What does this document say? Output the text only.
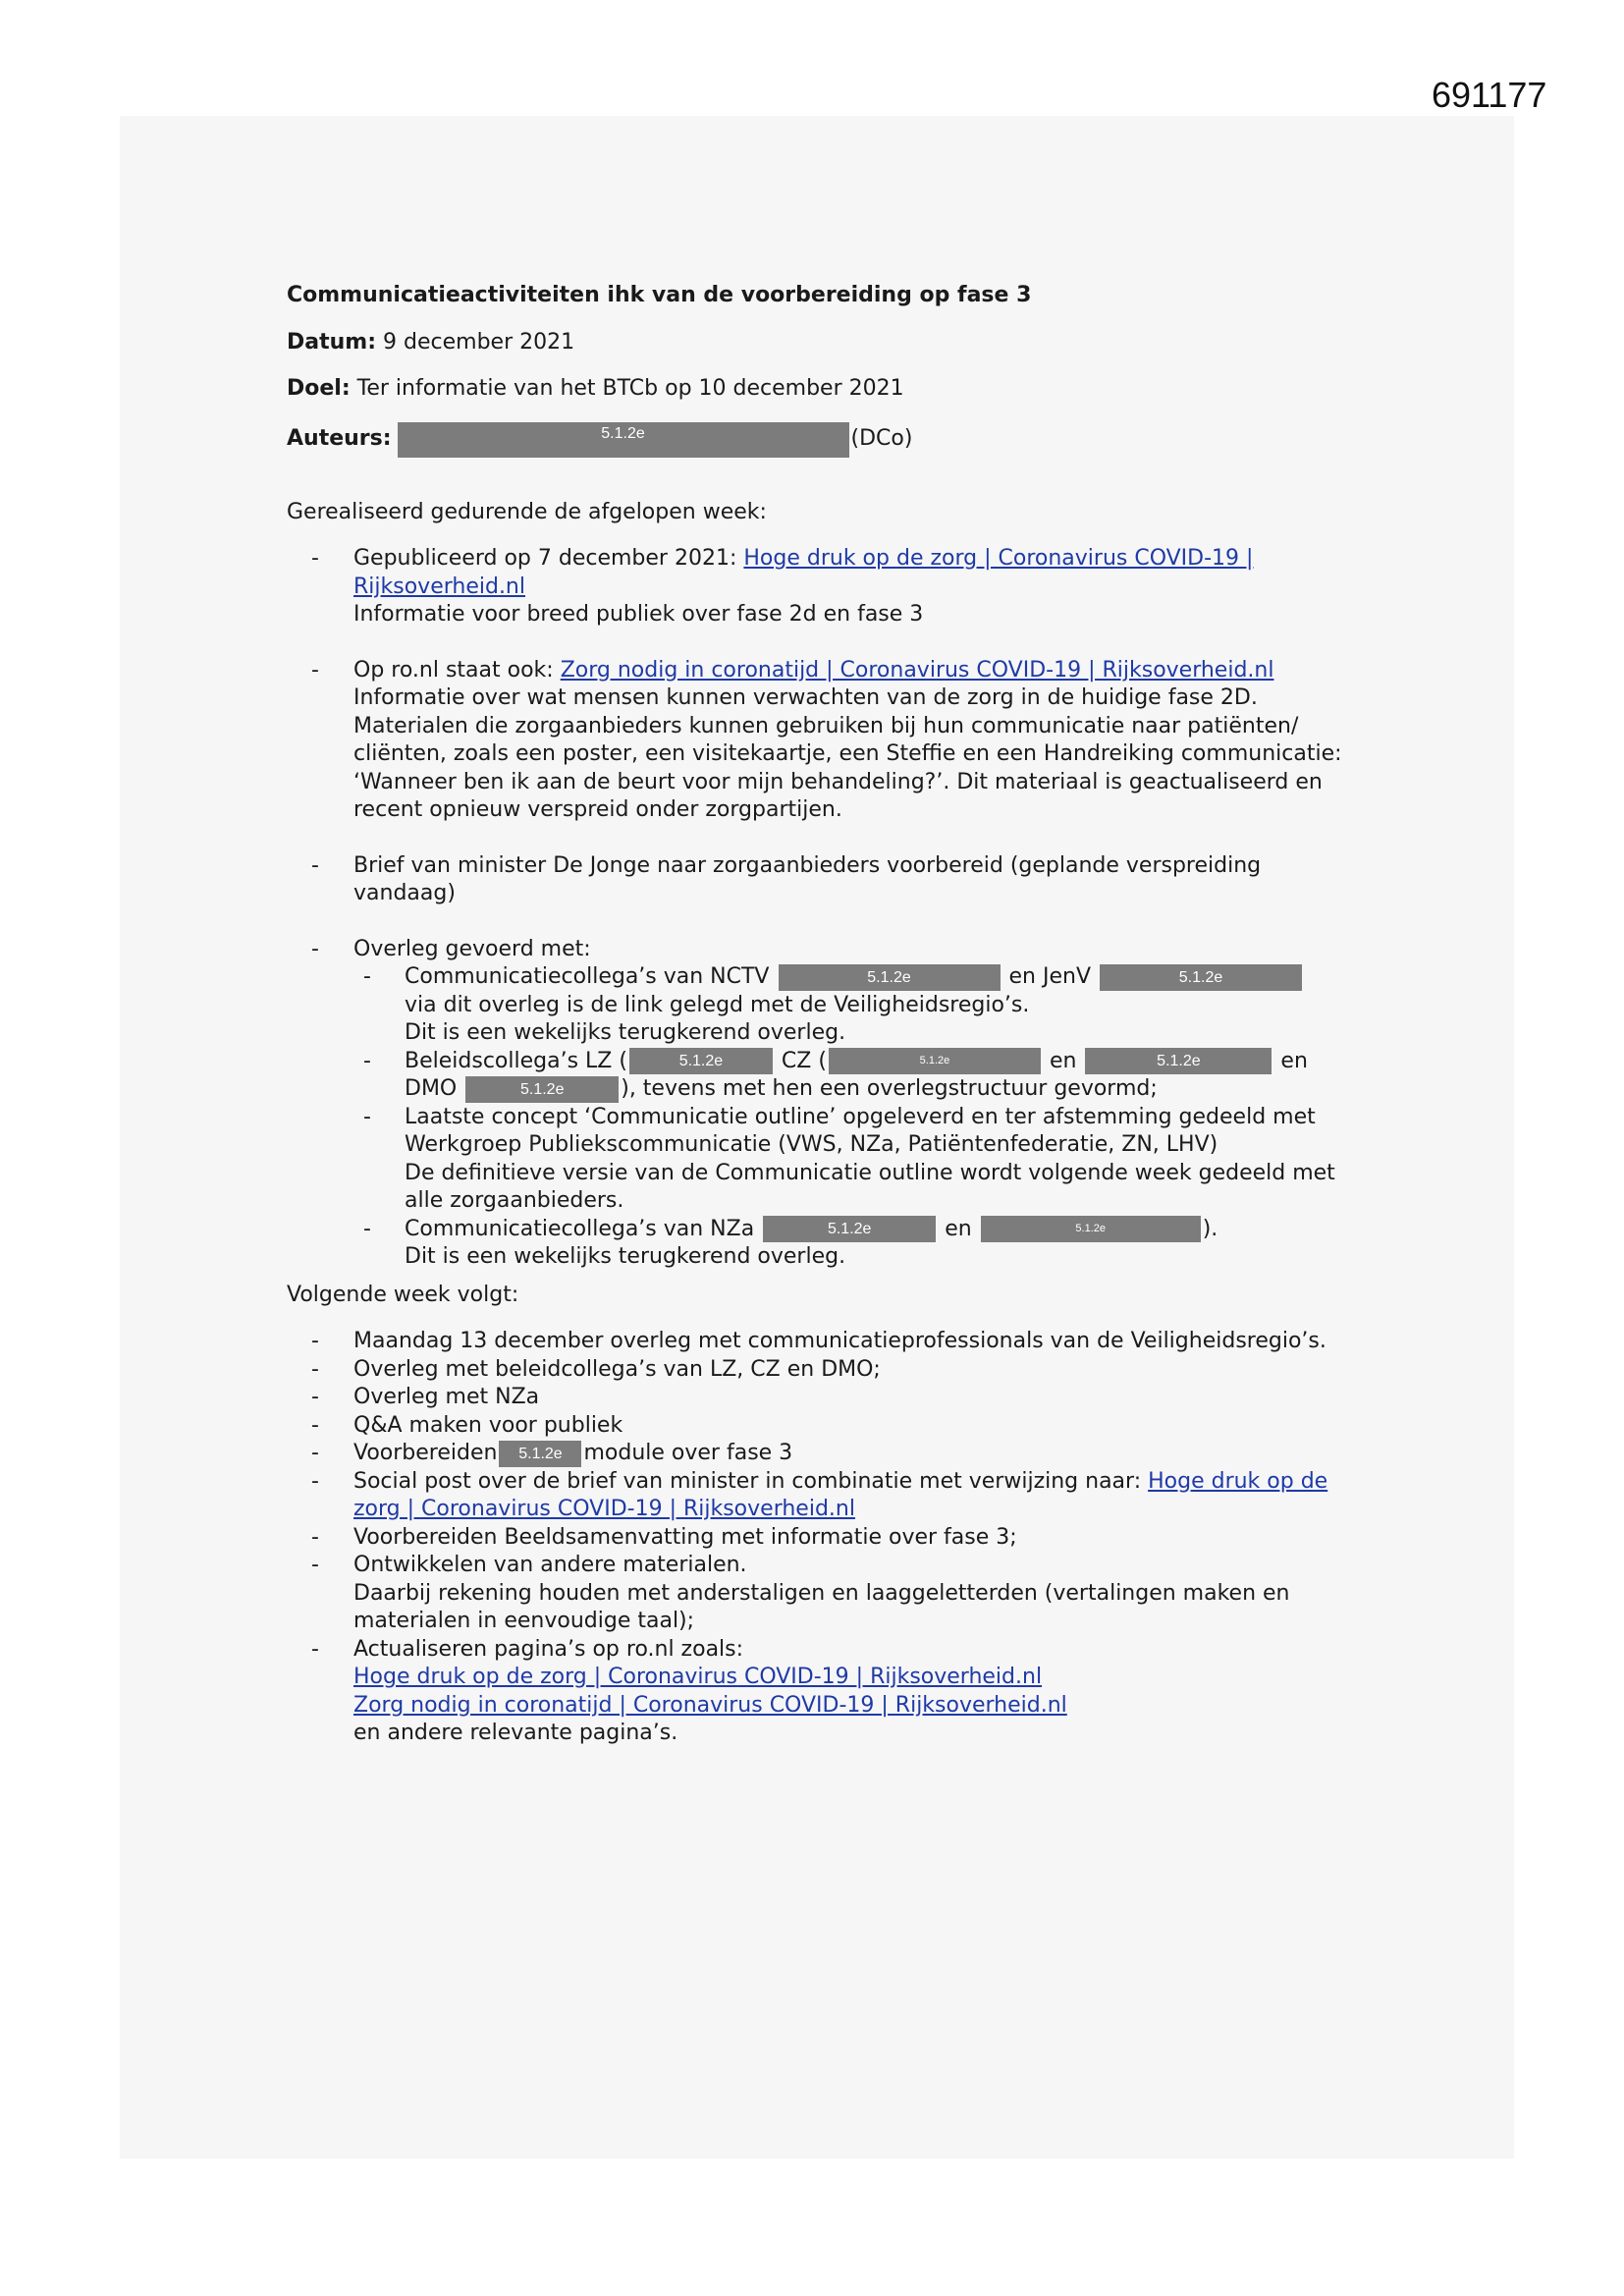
691177
Communicatieactiviteiten ihk van de voorbereiding op fase 3
Datum: 9 december 2021
Doel: Ter informatie van het BTCb op 10 december 2021
Auteurs:	5.1.2e	(DCo)
Gerealiseerd gedurende de afgelopen week:
- Gepubliceerd op 7 december 2021: Hoge druk op de zorg | Coronavirus COVID-19 | Rijksoverheid.nl
Informatie voor breed publiek over fase 2d en fase 3
- Op ro.nl staat ook: Zorg nodig in coronatijd | Coronavirus COVID-19 | Rijksoverheid.nl
Informatie over wat mensen kunnen verwachten van de zorg in de huidige fase 2D. Materialen die zorgaanbieders kunnen gebruiken bij hun communicatie naar patiënten/ cliënten, zoals een poster, een visitekaartje, een Steffie en een Handreiking communicatie: ‘Wanneer ben ik aan de beurt voor mijn behandeling?’. Dit materiaal is geactualiseerd en recent opnieuw verspreid onder zorgpartijen.
- Brief van minister De Jonge naar zorgaanbieders voorbereid (geplande verspreiding vandaag)
- Overleg gevoerd met:
- Communicatiecollega’s van NCTV	5.1.2e	en JenV	5.1.2e
via dit overleg is de link gelegd met de Veiligheidsregio’s.
Dit is een wekelijks terugkerend overleg.
- Beleidscollega’s LZ (	5.1.2e CZ (	5.1.2e	en	5.1.2e	en
DMO	5.1.2e	), tevens met hen een overlegstructuur gevormd;
- Laatste concept ‘Communicatie outline’ opgeleverd en ter afstemming gedeeld met
Werkgroep Publiekscommunicatie (VWS, NZa, Patiëntenfederatie, ZN, LHV)
De definitieve versie van de Communicatie outline wordt volgende week gedeeld met
alle zorgaanbieders.
- Communicatiecollega’s van NZa	5.1.2e	en	5.1.2e	).
Dit is een wekelijks terugkerend overleg.
Volgende week volgt:
- Maandag 13 december overleg met communicatieprofessionals van de Veiligheidsregio’s.
- Overleg met beleidcollega’s van LZ, CZ en DMO;
- Overleg met NZa
- Q&A maken voor publiek
- Voorbereiden 5.1.2e module over fase 3
- Social post over de brief van minister in combinatie met verwijzing naar: Hoge druk op de zorg | Coronavirus COVID-19 | Rijksoverheid.nl
- Voorbereiden Beeldsamenvatting met informatie over fase 3;
- Ontwikkelen van andere materialen.
Daarbij rekening houden met anderstaligen en laaggeletterden (vertalingen maken en materialen in eenvoudige taal);
- Actualiseren pagina’s op ro.nl zoals:
Hoge druk op de zorg | Coronavirus COVID-19 | Rijksoverheid.nl
Zorg nodig in coronatijd | Coronavirus COVID-19 | Rijksoverheid.nl
en andere relevante pagina’s.
